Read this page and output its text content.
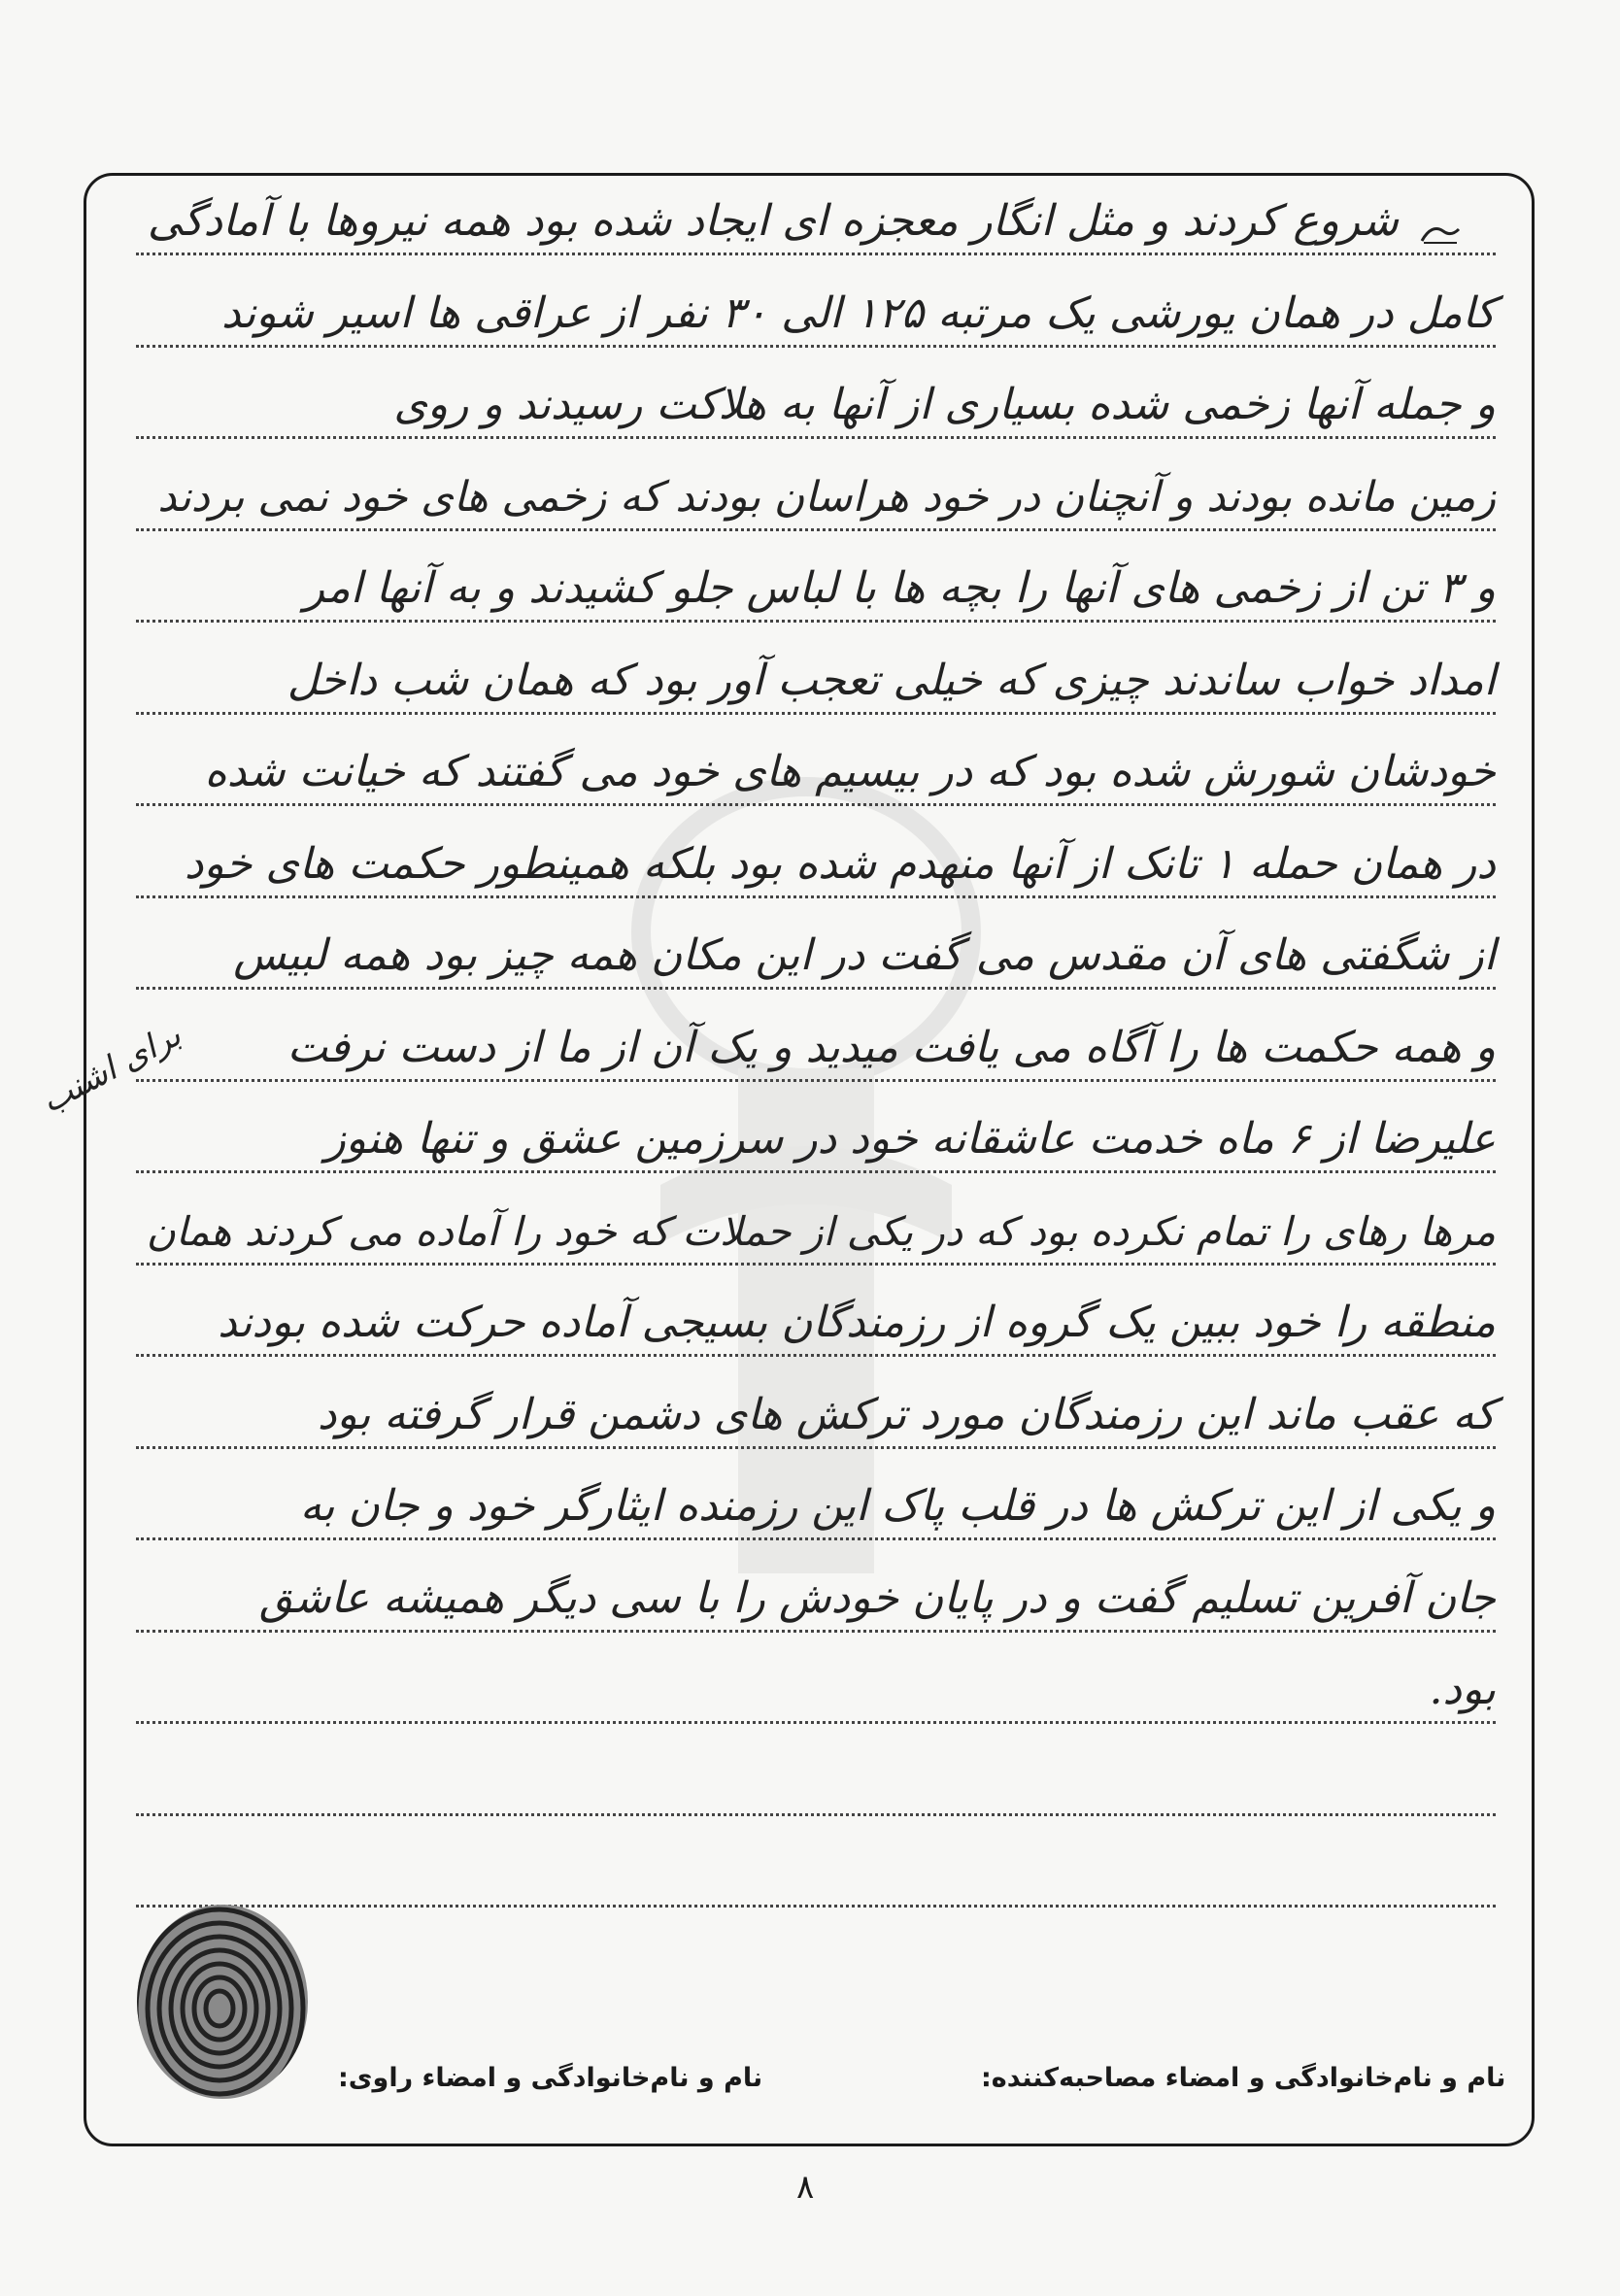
شروع کردند و مثل انگار معجزه ای ایجاد شده بود همه نیروها با آمادگی
کامل در همان یورشی یک مرتبه ۱۲۵ الی ۳۰ نفر از عراقی ها اسیر شوند
و جمله آنها زخمی شده بسیاری از آنها به هلاکت رسیدند و روی
زمین مانده بودند و آنچنان در خود هراسان بودند که زخمی های خود نمی بردند
و ۳ تن از زخمی های آنها را بچه ها با لباس جلو کشیدند و به آنها امر
امداد خواب ساندند چیزی که خیلی تعجب آور بود که همان شب داخل
خودشان شورش شده بود که در بیسیم های خود می گفتند که خیانت شده
در همان حمله ۱ تانک از آنها منهدم شده بود بلکه همینطور حکمت های خود
از شگفتی های آن مقدس می گفت در این مکان همه چیز بود همه لبیس
و همه حکمت ها را آگاه می یافت میدید و یک آن از ما از دست نرفت
علیرضا از ۶ ماه خدمت عاشقانه خود در سرزمین عشق و تنها هنوز
مرها رهای را تمام نکرده بود که در یکی از حملات که خود را آماده می کردند همان
منطقه را خود ببین یک گروه از رزمندگان بسیجی آماده حرکت شده بودند
که عقب ماند این رزمندگان مورد ترکش های دشمن قرار گرفته بود
و یکی از این ترکش ها در قلب پاک این رزمنده ایثارگر خود و جان به
جان آفرین تسلیم گفت و در پایان خودش را با سی دیگر همیشه عاشق
بود.
برای اشنب
نام و نام‌خانوادگی و امضاء مصاحبه‌کننده:
نام و نام‌خانوادگی و امضاء راوی:
۸
